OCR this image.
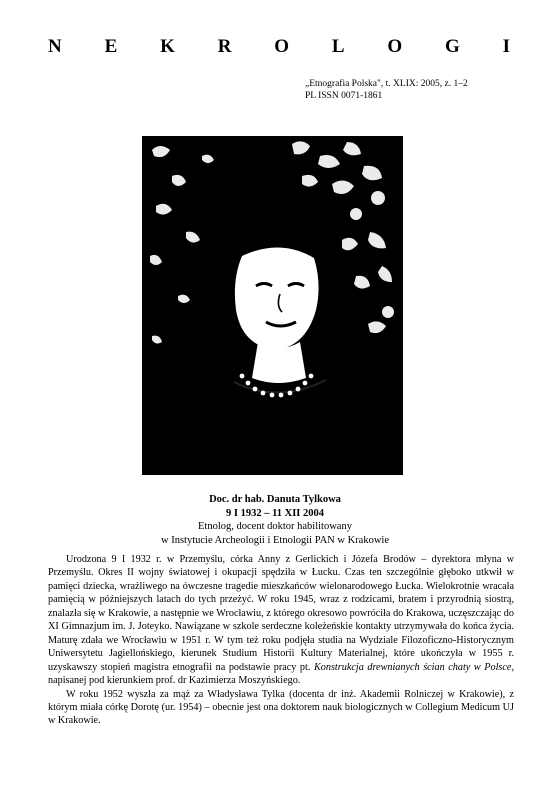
N E K R O L O G I
„Etnografia Polska", t. XLIX: 2005, z. 1–2
PL ISSN 0071-1861
Doc. dr hab. Danuta Tylkowa
9 I 1932 – 11 XII 2004
Etnolog, docent doktor habilitowany
w Instytucie Archeologii i Etnologii PAN w Krakowie

Urodzona 9 I 1932 r. w Przemyślu, córka Anny z Gerlickich i Józefa Brodów – dyrektora młyna w Przemyślu. Okres II wojny światowej i okupacji spędziła w Łucku. Czas ten szczególnie głęboko utkwił w pamięci dziecka, wrażliwego na ówczesne tragedie mieszkańców wielonarodowego Łucka. Wielokrotnie wracała pamięcią w późniejszych latach do tych przeżyć. W roku 1945, wraz z rodzicami, bratem i przyrodnią siostrą, znalazła się w Krakowie, a następnie we Wrocławiu, z którego okresowo powróciła do Krakowa, uczęszczając do XI Gimnazjum im. J. Joteyko. Nawiązane w szkole serdeczne koleżeńskie kontakty utrzymywała do końca życia. Maturę zdała we Wrocławiu w 1951 r. W tym też roku podjęła studia na Wydziale Filozoficzno-Historycznym Uniwersytetu Jagiellońskiego, kierunek Studium Historii Kultury Materialnej, które ukończyła w 1955 r. uzyskawszy stopień magistra etnografii na podstawie pracy pt. Konstrukcja drewnianych ścian chaty w Polsce, napisanej pod kierunkiem prof. dr Kazimierza Moszyńskiego.

W roku 1952 wyszła za mąż za Władysława Tylka (docenta dr inż. Akademii Rolniczej w Krakowie), z którym miała córkę Dorotę (ur. 1954) – obecnie jest ona doktorem nauk biologicznych w Collegium Medicum UJ w Krakowie.
